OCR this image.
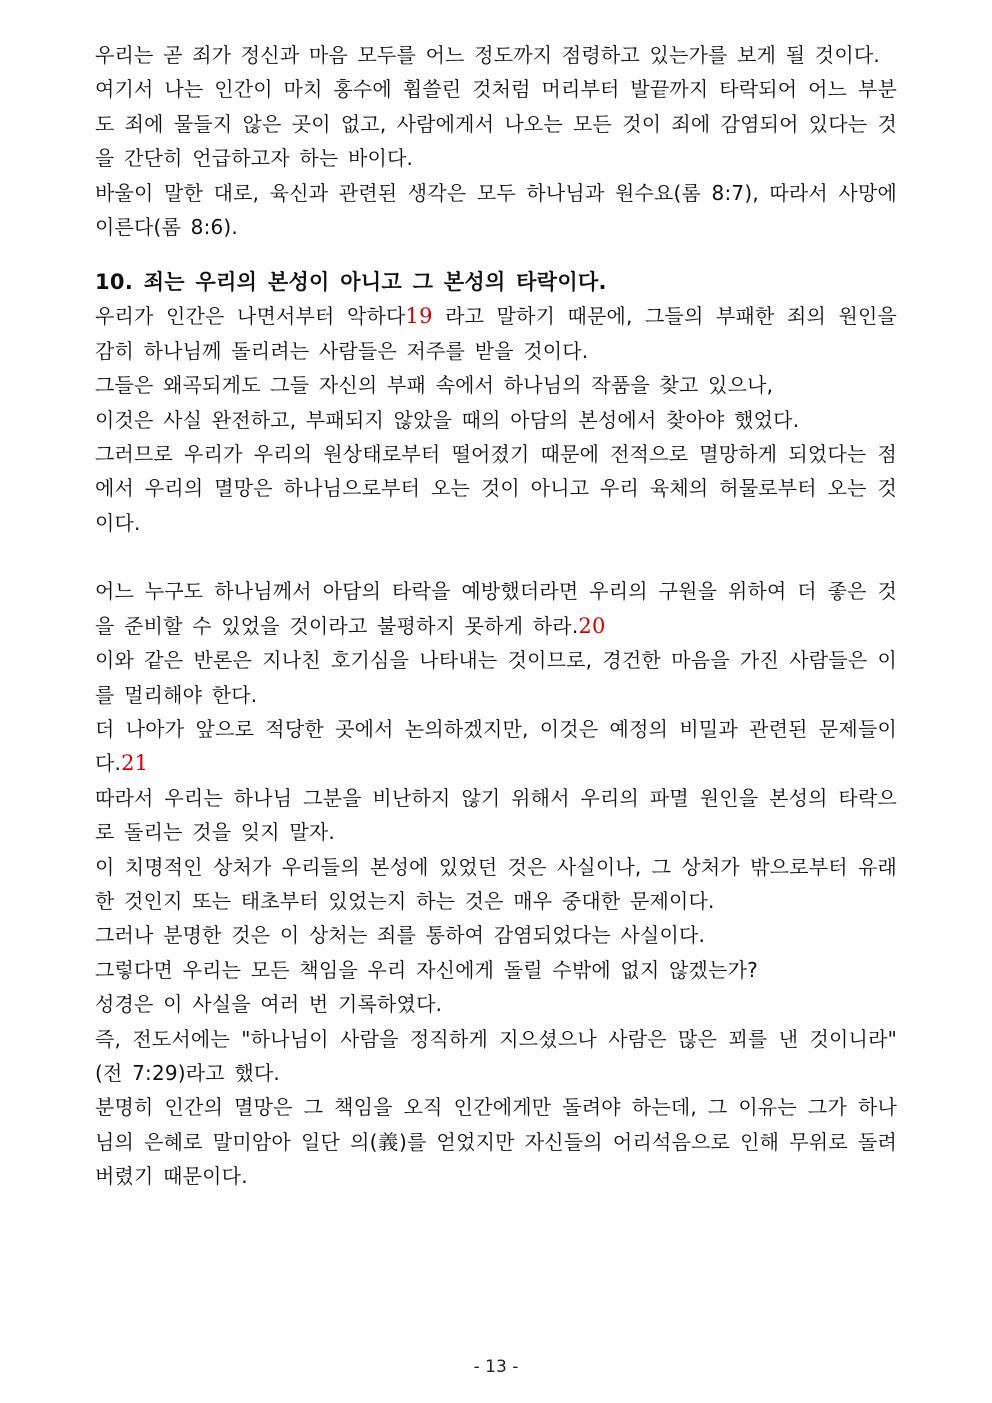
우리는 곧 죄가 정신과 마음 모두를 어느 정도까지 점령하고 있는가를 보게 될 것이다.

여기서 나는 인간이 마치 홍수에 휩쓸린 것처럼 머리부터 발끝까지 타락되어 어느 부분도 죄에 물들지 않은 곳이 없고, 사람에게서 나오는 모든 것이 죄에 감염되어 있다는 것을 간단히 언급하고자 하는 바이다.

바울이 말한 대로, 육신과 관련된 생각은 모두 하나님과 원수요(롬 8:7), 따라서 사망에 이른다(롬 8:6).

10. 죄는 우리의 본성이 아니고 그 본성의 타락이다.

우리가 인간은 나면서부터 악하다19 라고 말하기 때문에, 그들의 부패한 죄의 원인을 감히 하나님께 돌리려는 사람들은 저주를 받을 것이다.

그들은 왜곡되게도 그들 자신의 부패 속에서 하나님의 작품을 찾고 있으나,

이것은 사실 완전하고, 부패되지 않았을 때의 아담의 본성에서 찾아야 했었다.

그러므로 우리가 우리의 원상태로부터 떨어졌기 때문에 전적으로 멸망하게 되었다는 점에서 우리의 멸망은 하나님으로부터 오는 것이 아니고 우리 육체의 허물로부터 오는 것이다.

어느 누구도 하나님께서 아담의 타락을 예방했더라면 우리의 구원을 위하여 더 좋은 것을 준비할 수 있었을 것이라고 불평하지 못하게 하라.20

이와 같은 반론은 지나친 호기심을 나타내는 것이므로, 경건한 마음을 가진 사람들은 이를 멀리해야 한다.

더 나아가 앞으로 적당한 곳에서 논의하겠지만, 이것은 예정의 비밀과 관련된 문제들이다.21

따라서 우리는 하나님 그분을 비난하지 않기 위해서 우리의 파멸 원인을 본성의 타락으로 돌리는 것을 잊지 말자.

이 치명적인 상처가 우리들의 본성에 있었던 것은 사실이나, 그 상처가 밖으로부터 유래한 것인지 또는 태초부터 있었는지 하는 것은 매우 중대한 문제이다.

그러나 분명한 것은 이 상처는 죄를 통하여 감염되었다는 사실이다.

그렇다면 우리는 모든 책임을 우리 자신에게 돌릴 수밖에 없지 않겠는가?

성경은 이 사실을 여러 번 기록하였다.

즉, 전도서에는 "하나님이 사람을 정직하게 지으셨으나 사람은 많은 꾀를 낸 것이니라"(전 7:29)라고 했다.

분명히 인간의 멸망은 그 책임을 오직 인간에게만 돌려야 하는데, 그 이유는 그가 하나님의 은혜로 말미암아 일단 의(義)를 얻었지만 자신들의 어리석음으로 인해 무위로 돌려버렸기 때문이다.

- 13 -
